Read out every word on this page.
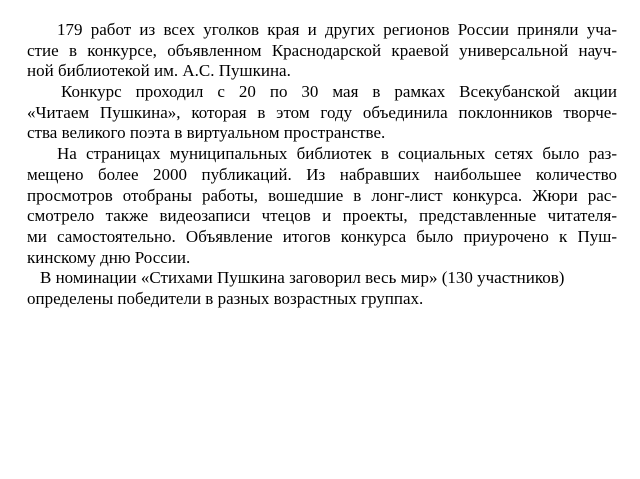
179 работ из всех уголков края и других регионов России приняли уча-
стие в конкурсе, объявленном Краснодарской краевой универсальной науч-
ной библиотекой им. А.С. Пушкина.
Конкурс проходил с 20 по 30 мая в рамках Всекубанской акции
«Читаем Пушкина», которая в этом году объединила поклонников творче-
ства великого поэта в виртуальном пространстве.
На страницах муниципальных библиотек в социальных сетях было раз-
мещено более 2000 публикаций. Из набравших наибольшее количество
просмотров отобраны работы, вошедшие в лонг-лист конкурса. Жюри рас-
смотрело также видеозаписи чтецов и проекты, представленные читателя-
ми самостоятельно. Объявление итогов конкурса было приурочено к Пуш-
кинскому дню России.
В номинации «Стихами Пушкина заговорил весь мир» (130 участников)
определены победители в разных возрастных группах.
